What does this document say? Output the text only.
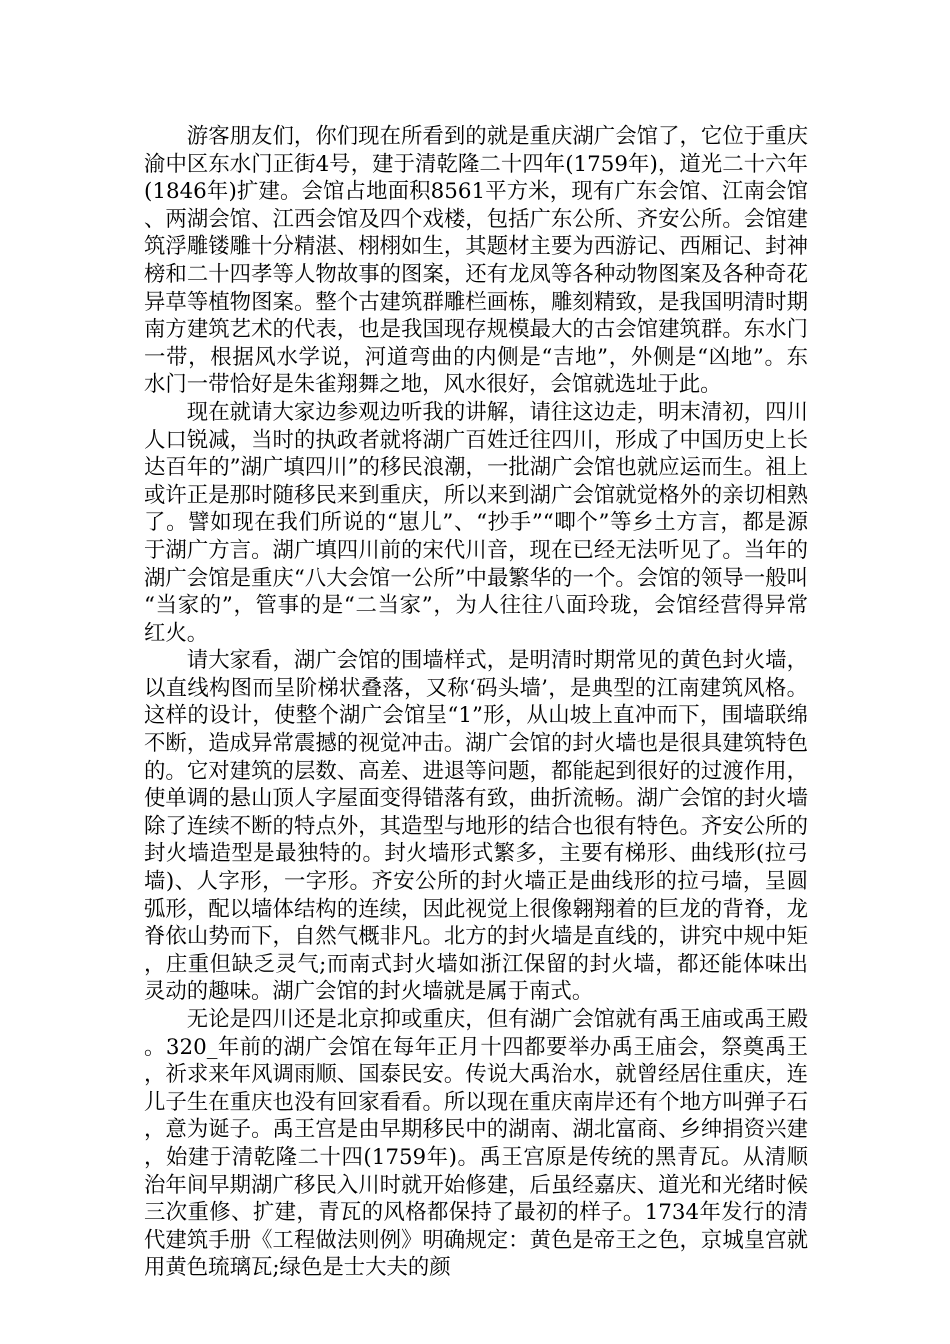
游客朋友们，你们现在所看到的就是重庆湖广会馆了，它位于重庆渝中区东水门正街4号，建于清乾隆二十四年(1759年)，道光二十六年(1846年)扩建。会馆占地面积8561平方米，现有广东会馆、江南会馆、两湖会馆、江西会馆及四个戏楼，包括广东公所、齐安公所。会馆建筑浮雕镂雕十分精湛、栩栩如生，其题材主要为西游记、西厢记、封神榜和二十四孝等人物故事的图案，还有龙凤等各种动物图案及各种奇花异草等植物图案。整个古建筑群雕栏画栋，雕刻精致，是我国明清时期南方建筑艺术的代表，也是我国现存规模最大的古会馆建筑群。东水门一带，根据风水学说，河道弯曲的内侧是“吉地”，外侧是“凶地”。东水门一带恰好是朱雀翔舞之地，风水很好，会馆就选址于此。

现在就请大家边参观边听我的讲解，请往这边走，明末清初，四川人口锐减，当时的执政者就将湖广百姓迁往四川，形成了中国历史上长达百年的”湖广填四川”的移民浪潮，一批湖广会馆也就应运而生。祖上或许正是那时随移民来到重庆，所以来到湖广会馆就觉格外的亲切相熟了。譬如现在我们所说的“崽儿”、“抄手”“唧个”等乡土方言，都是源于湖广方言。湖广填四川前的宋代川音，现在已经无法听见了。当年的湖广会馆是重庆“八大会馆一公所”中最繁华的一个。会馆的领导一般叫“当家的”，管事的是“二当家”，为人往往八面玲珑，会馆经营得异常红火。

请大家看，湖广会馆的围墙样式，是明清时期常见的黄色封火墙，以直线构图而呈阶梯状叠落，又称‘码头墙’，是典型的江南建筑风格。这样的设计，使整个湖广会馆呈“1”形，从山坡上直冲而下，围墙联绵不断，造成异常震撼的视觉冲击。湖广会馆的封火墙也是很具建筑特色的。它对建筑的层数、高差、进退等问题，都能起到很好的过渡作用，使单调的悬山顶人字屋面变得错落有致，曲折流畅。湖广会馆的封火墙除了连续不断的特点外，其造型与地形的结合也很有特色。齐安公所的封火墙造型是最独特的。封火墙形式繁多，主要有梯形、曲线形(拉弓墙)、人字形，一字形。齐安公所的封火墙正是曲线形的拉弓墙，呈圆弧形，配以墙体结构的连续，因此视觉上很像翱翔着的巨龙的背脊，龙脊依山势而下，自然气概非凡。北方的封火墙是直线的，讲究中规中矩，庄重但缺乏灵气;而南式封火墙如浙江保留的封火墙，都还能体味出灵动的趣味。湖广会馆的封火墙就是属于南式。

无论是四川还是北京抑或重庆，但有湖广会馆就有禹王庙或禹王殿。320_年前的湖广会馆在每年正月十四都要举办禹王庙会，祭奠禹王，祈求来年风调雨顺、国泰民安。传说大禹治水，就曾经居住重庆，连儿子生在重庆也没有回家看看。所以现在重庆南岸还有个地方叫弹子石，意为诞子。禹王宫是由早期移民中的湖南、湖北富商、乡绅捐资兴建，始建于清乾隆二十四(1759年)。禹王宫原是传统的黑青瓦。从清顺治年间早期湖广移民入川时就开始修建，后虽经嘉庆、道光和光绪时候三次重修、扩建，青瓦的风格都保持了最初的样子。1734年发行的清代建筑手册《工程做法则例》明确规定：黄色是帝王之色，京城皇宫就用黄色琉璃瓦;绿色是士大夫的颜
